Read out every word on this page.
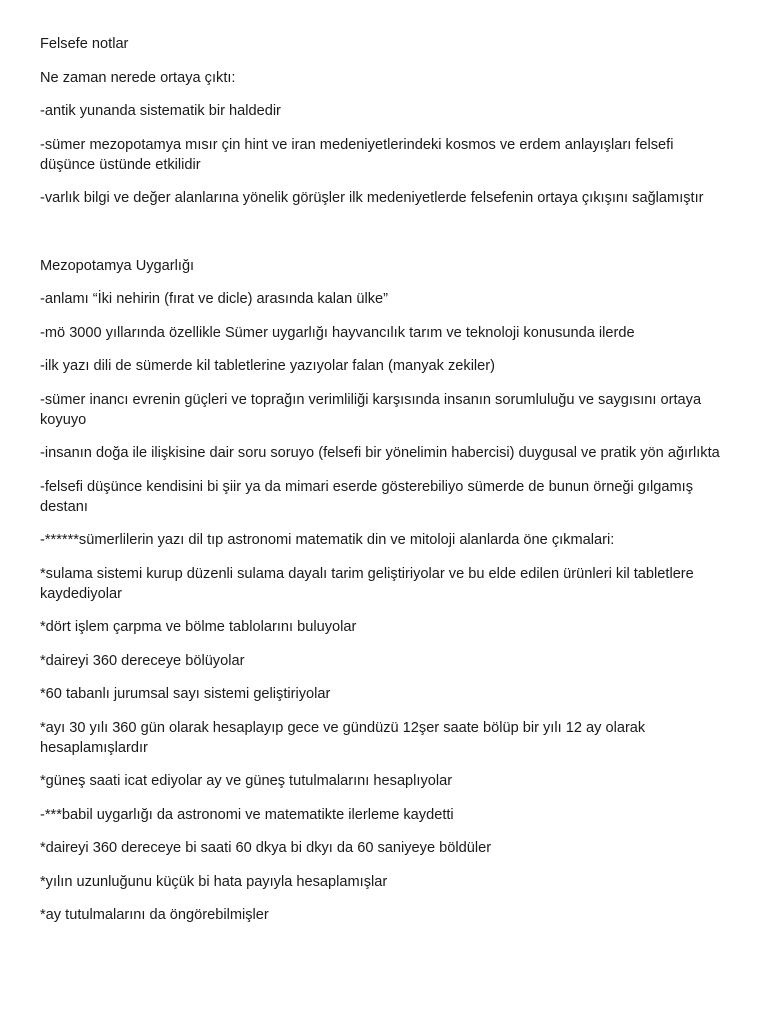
Felsefe notlar

Ne zaman nerede ortaya çıktı:

-antik yunanda sistematik bir haldedir

-sümer mezopotamya mısır çin hint ve iran medeniyetlerindeki kosmos ve erdem anlayışları felsefi düşünce üstünde etkilidir

-varlık bilgi ve değer alanlarına yönelik görüşler ilk medeniyetlerde felsefenin ortaya çıkışını sağlamıştır

Mezopotamya Uygarlığı

-anlamı “İki nehirin (fırat ve dicle) arasında kalan ülke”

-mö 3000 yıllarında özellikle Sümer uygarlığı hayvancılık tarım ve teknoloji konusunda ilerde

-ilk yazı dili de sümerde kil tabletlerine yazıyolar falan (manyak zekiler)

-sümer inancı evrenin güçleri ve toprağın verimliliği karşısında insanın sorumluluğu ve saygısını ortaya koyuyo

-insanın doğa ile ilişkisine dair soru soruyo (felsefi bir yönelimin habercisi) duygusal ve pratik yön ağırlıkta

-felsefi düşünce kendisini bi şiir ya da mimari eserde gösterebiliyo sümerde de bunun örneği gılgamış destanı

-******sümerlilerin yazı dil tıp astronomi matematik din ve mitoloji alanlarda öne çıkmalari:

*sulama sistemi kurup düzenli sulama dayalı tarim geliştiriyolar ve bu elde edilen ürünleri kil tabletlere kaydediyolar

*dört işlem çarpma ve bölme tablolarını buluyolar

*daireyi 360 dereceye bölüyolar

*60 tabanlı jurumsal sayı sistemi geliştiriyolar

*ayı 30 yılı 360 gün olarak hesaplayıp gece ve gündüzü 12şer saate bölüp bir yılı 12 ay olarak hesaplamışlardır

*güneş saati icat ediyolar ay ve güneş tutulmalarını hesaplıyolar

-***babil uygarlığı da astronomi ve matematikte ilerleme kaydetti

*daireyi 360 dereceye bi saati 60 dkya bi dkyı da 60 saniyeye böldüler

*yılın uzunluğunu küçük bi hata payıyla hesaplamışlar

*ay tutulmalarını da öngörebilmişler
